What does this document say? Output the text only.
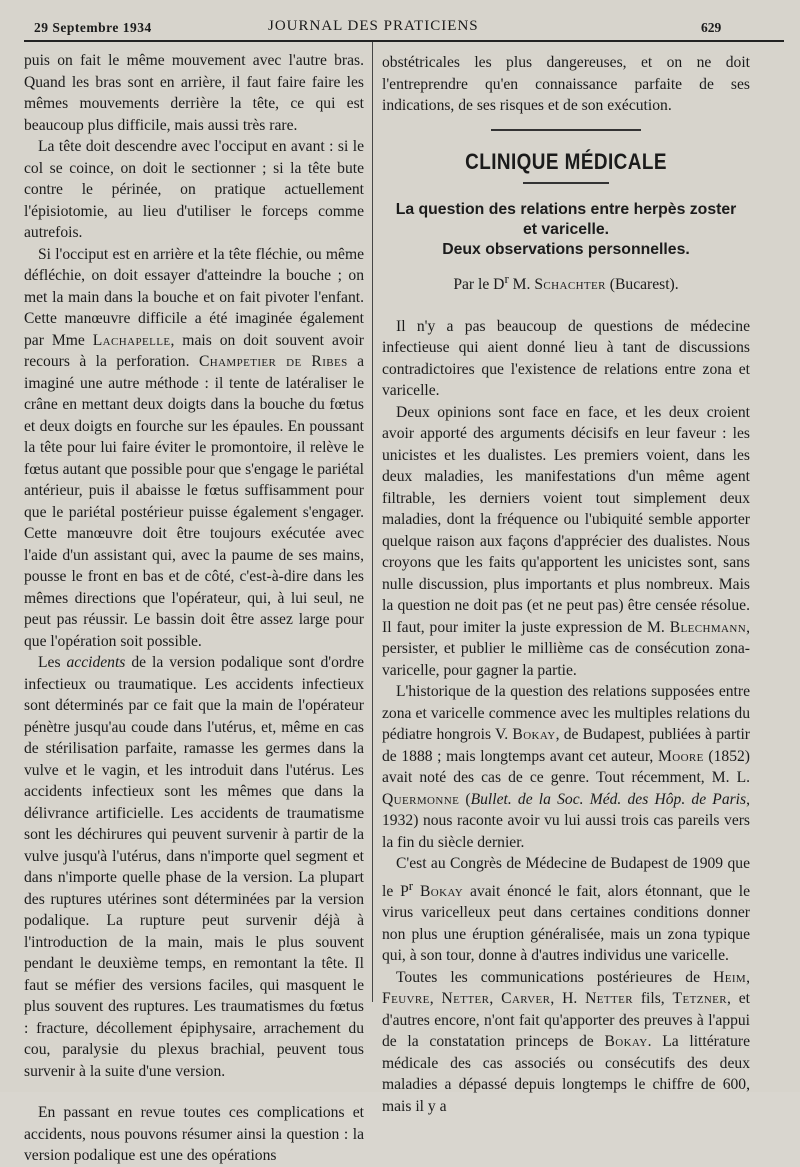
29 Septembre 1934	JOURNAL DES PRATICIENS	629

puis on fait le même mouvement avec l'autre bras. Quand les bras sont en arrière, il faut faire faire les mêmes mouvements derrière la tête, ce qui est beaucoup plus difficile, mais aussi très rare.

La tête doit descendre avec l'occiput en avant : si le col se coince, on doit le sectionner ; si la tête bute contre le périnée, on pratique actuellement l'épisiotomie, au lieu d'utiliser le forceps comme autrefois.

Si l'occiput est en arrière et la tête fléchie, ou même défléchie, on doit essayer d'atteindre la bouche ; on met la main dans la bouche et on fait pivoter l'enfant. Cette manœuvre difficile a été imaginée également par Mme Lachapelle, mais on doit souvent avoir recours à la perforation. Champetier de Ribes a imaginé une autre méthode : il tente de latéraliser le crâne en mettant deux doigts dans la bouche du fœtus et deux doigts en fourche sur les épaules. En poussant la tête pour lui faire éviter le promontoire, il relève le fœtus autant que possible pour que s'engage le pariétal antérieur, puis il abaisse le fœtus suffisamment pour que le pariétal postérieur puisse également s'engager. Cette manœuvre doit être toujours exécutée avec l'aide d'un assistant qui, avec la paume de ses mains, pousse le front en bas et de côté, c'est-à-dire dans les mêmes directions que l'opérateur, qui, à lui seul, ne peut pas réussir. Le bassin doit être assez large pour que l'opération soit possible.

Les accidents de la version podalique sont d'ordre infectieux ou traumatique. Les accidents infectieux sont déterminés par ce fait que la main de l'opérateur pénètre jusqu'au coude dans l'utérus, et, même en cas de stérilisation parfaite, ramasse les germes dans la vulve et le vagin, et les introduit dans l'utérus. Les accidents infectieux sont les mêmes que dans la délivrance artificielle. Les accidents de traumatisme sont les déchirures qui peuvent survenir à partir de la vulve jusqu'à l'utérus, dans n'importe quel segment et dans n'importe quelle phase de la version. La plupart des ruptures utérines sont déterminées par la version podalique. La rupture peut survenir déjà à l'introduction de la main, mais le plus souvent pendant le deuxième temps, en remontant la tête. Il faut se méfier des versions faciles, qui masquent le plus souvent des ruptures. Les traumatismes du fœtus : fracture, décollement épiphysaire, arrachement du cou, paralysie du plexus brachial, peuvent tous survenir à la suite d'une version.

En passant en revue toutes ces complications et accidents, nous pouvons résumer ainsi la question : la version podalique est une des opérations

obstétricales les plus dangereuses, et on ne doit l'entreprendre qu'en connaissance parfaite de ses indications, de ses risques et de son exécution.

CLINIQUE MÉDICALE
La question des relations entre herpès zoster
et varicelle.
Deux observations personnelles.
Par le $D^r$ M. Schachter (Bucarest).

Il n'y a pas beaucoup de questions de médecine infectieuse qui aient donné lieu à tant de discussions contradictoires que l'existence de relations entre zona et varicelle.

Deux opinions sont face en face, et les deux croient avoir apporté des arguments décisifs en leur faveur : les unicistes et les dualistes. Les premiers voient, dans les deux maladies, les manifestations d'un même agent filtrable, les derniers voient tout simplement deux maladies, dont la fréquence ou l'ubiquité semble apporter quelque raison aux façons d'apprécier des dualistes. Nous croyons que les faits qu'apportent les unicistes sont, sans nulle discussion, plus importants et plus nombreux. Mais la question ne doit pas (et ne peut pas) être censée résolue. Il faut, pour imiter la juste expression de M. Blechmann, persister, et publier le millième cas de consécution zona-varicelle, pour gagner la partie.

L'historique de la question des relations supposées entre zona et varicelle commence avec les multiples relations du pédiatre hongrois V. Bokay, de Budapest, publiées à partir de 1888 ; mais longtemps avant cet auteur, Moore (1852) avait noté des cas de ce genre. Tout récemment, M. L. Quermonne (Bullet. de la Soc. Méd. des Hôp. de Paris, 1932) nous raconte avoir vu lui aussi trois cas pareils vers la fin du siècle dernier.

C'est au Congrès de Médecine de Budapest de 1909 que le $P^r$ Bokay avait énoncé le fait, alors étonnant, que le virus varicelleux peut dans certaines conditions donner non plus une éruption généralisée, mais un zona typique qui, à son tour, donne à d'autres individus une varicelle.

Toutes les communications postérieures de Heim, Feuvre, Netter, Carver, H. Netter fils, Tetzner, et d'autres encore, n'ont fait qu'apporter des preuves à l'appui de la constatation princeps de Bokay. La littérature médicale des cas associés ou consécutifs des deux maladies a dépassé depuis longtemps le chiffre de 600, mais il y a
